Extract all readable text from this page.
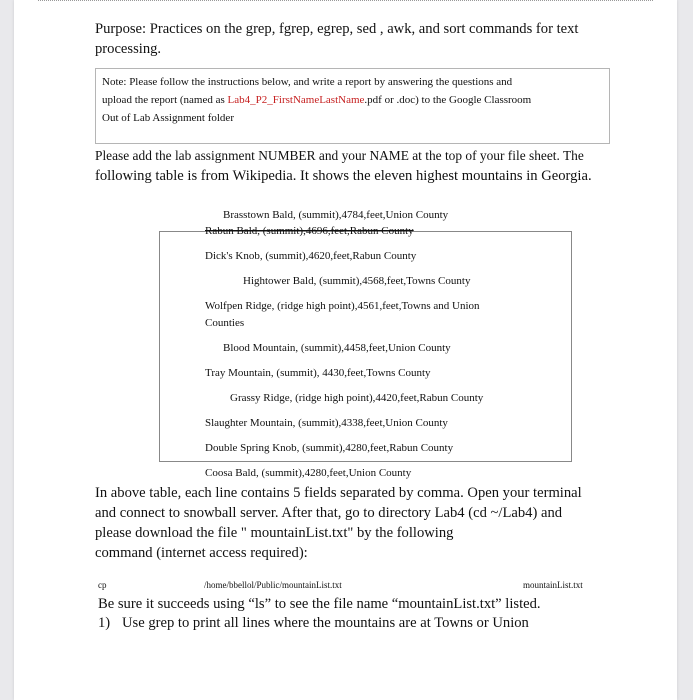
Purpose: Practices on the grep, fgrep, egrep, sed , awk, and sort commands for text
processing.
Note: Please follow the instructions below, and write a report by answering the questions and
upload the report (named as Lab4_P2_FirstNameLastName.pdf or .doc) to the Google Classroom
Out of Lab Assignment folder
Please add the lab assignment NUMBER and your NAME at the top of your file sheet. The
following table is from Wikipedia. It shows the eleven highest mountains in Georgia.
Brasstown Bald, (summit),4784,feet,Union County
Rabun Bald, (summit),4696,feet,Rabun County
Dick's Knob, (summit),4620,feet,Rabun County
Hightower Bald, (summit),4568,feet,Towns County
Wolfpen Ridge, (ridge high point),4561,feet,Towns and Union
Counties
Blood Mountain, (summit),4458,feet,Union County
Tray Mountain, (summit), 4430,feet,Towns County
Grassy Ridge, (ridge high point),4420,feet,Rabun County
Slaughter Mountain, (summit),4338,feet,Union County
Double Spring Knob, (summit),4280,feet,Rabun County
Coosa Bald, (summit),4280,feet,Union County
In above table, each line contains 5 fields separated by comma. Open your terminal
and connect to snowball server. After that, go to directory Lab4 (cd ~/Lab4) and
please download the file " mountainList.txt" by the following
command (internet access required):
cp	/home/bbellol/Public/mountainList.txt	mountainList.txt
Be sure it succeeds using “ls” to see the file name “mountainList.txt” listed.
1) Use grep to print all lines where the mountains are at Towns or Union
